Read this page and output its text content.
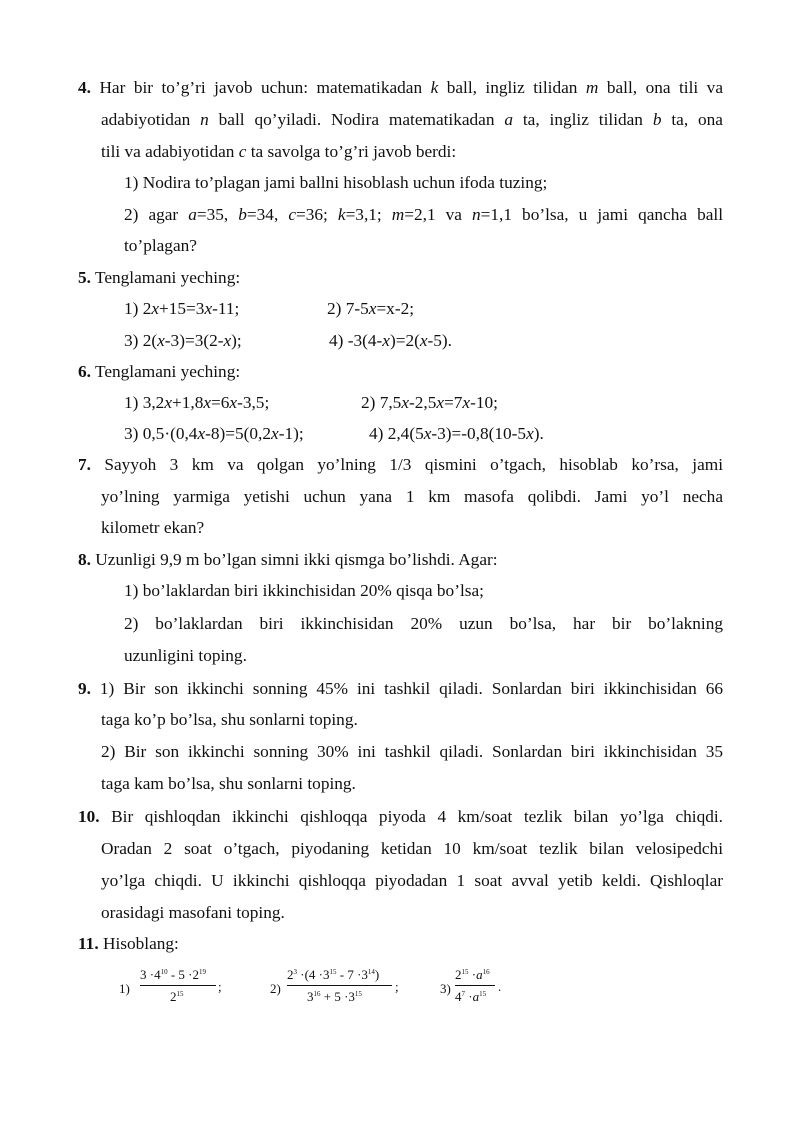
4. Har bir to’g’ri javob uchun: matematikadan k ball, ingliz tilidan m ball, ona tili va
adabiyotidan n ball qo’yiladi. Nodira matematikadan a ta, ingliz tilidan b ta, ona
tili va adabiyotidan c ta savolga to’g’ri javob berdi:
1) Nodira to’plagan jami ballni hisoblash uchun ifoda tuzing;
2) agar a=35, b=34, c=36; k=3,1; m=2,1 va n=1,1 bo’lsa, u jami qancha ball
to’plagan?
5. Tenglamani yeching:
1) 2x+15=3x-11;	2) 7-5x=x-2;
3) 2(x-3)=3(2-x);	4) -3(4-x)=2(x-5).
6. Tenglamani yeching:
1) 3,2x+1,8x=6x-3,5;	2) 7,5x-2,5x=7x-10;
3) 0,5·(0,4x-8)=5(0,2x-1);	4) 2,4(5x-3)=-0,8(10-5x).
7. Sayyoh 3 km va qolgan yo’lning 1/3 qismini o’tgach, hisoblab ko’rsa, jami
yo’lning yarmiga yetishi uchun yana 1 km masofa qolibdi. Jami yo’l necha
kilometr ekan?
8. Uzunligi 9,9 m bo’lgan simni ikki qismga bo’lishdi. Agar:
1) bo’laklardan biri ikkinchisidan 20% qisqa bo’lsa;
2) bo’laklardan biri ikkinchisidan 20% uzun bo’lsa, har bir bo’lakning
uzunligini toping.
9. 1) Bir son ikkinchi sonning 45% ini tashkil qiladi. Sonlardan biri ikkinchisidan 66
taga ko’p bo’lsa, shu sonlarni toping.
2) Bir son ikkinchi sonning 30% ini tashkil qiladi. Sonlardan biri ikkinchisidan 35
taga kam bo’lsa, shu sonlarni toping.
10. Bir qishloqdan ikkinchi qishloqqa piyoda 4 km/soat tezlik bilan yo’lga chiqdi.
Oradan 2 soat o’tgach, piyodaning ketidan 10 km/soat tezlik bilan velosipedchi
yo’lga chiqdi. U ikkinchi qishloqqa piyodadan 1 soat avval yetib keldi. Qishloqlar
orasidagi masofani toping.
11. Hisoblang:
1)
$3 \cdot 4^{10} - 5 \cdot 2^{19}$
$2^{15}$	;	2)
$2^3 \cdot(4 \cdot 3^{15} - 7 \cdot 3^{14})$
$3^{16} + 5 \cdot 3^{15}$	;	3)
$2^{15} \cdot a^{16}$
$4^7 \cdot a^{15}$ .
